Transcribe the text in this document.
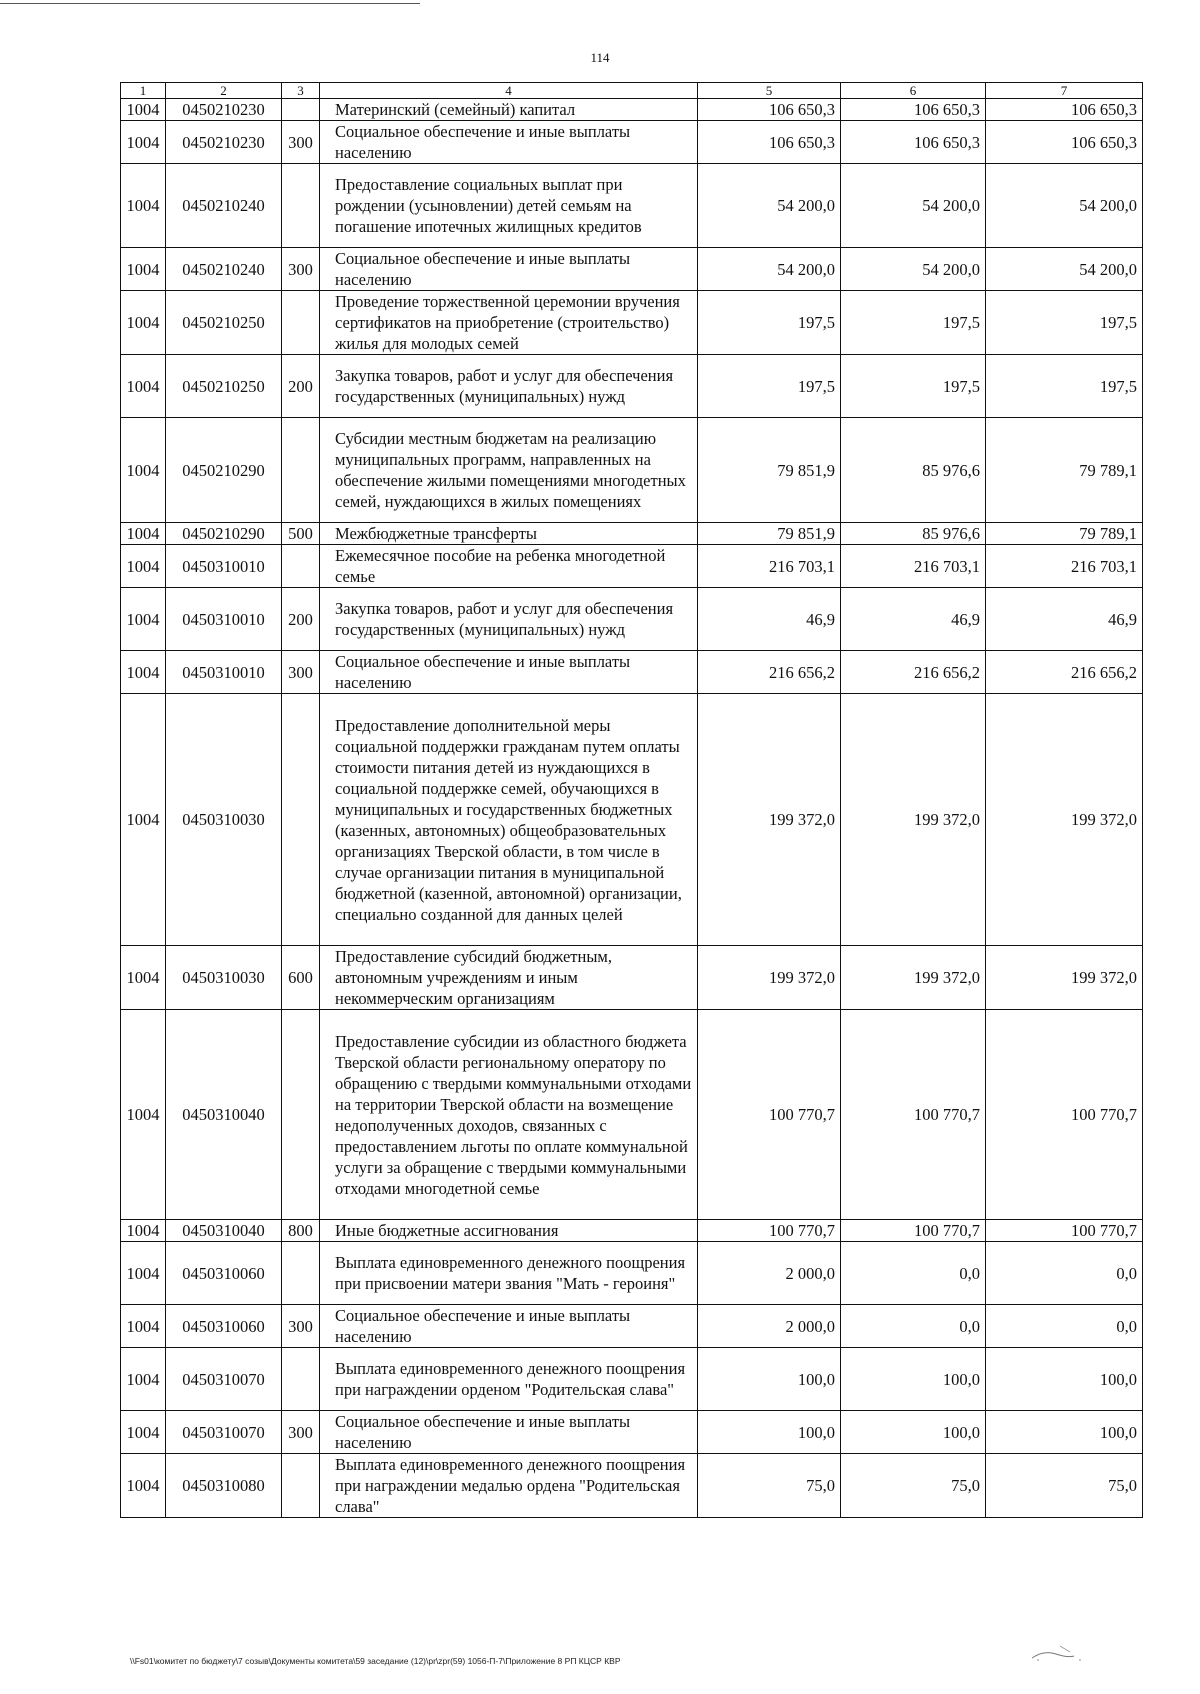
114
1	2	3	4	5	6	7
1004	0450210230		Материнский (семейный) капитал	106 650,3	106 650,3	106 650,3
1004	0450210230	300	Социальное обеспечение и иные выплаты населению	106 650,3	106 650,3	106 650,3
1004	0450210240		Предоставление социальных выплат при рождении (усыновлении) детей семьям на погашение ипотечных жилищных кредитов	54 200,0	54 200,0	54 200,0
1004	0450210240	300	Социальное обеспечение и иные выплаты населению	54 200,0	54 200,0	54 200,0
1004	0450210250		Проведение торжественной церемонии вручения сертификатов на приобретение (строительство) жилья для молодых семей	197,5	197,5	197,5
1004	0450210250	200	Закупка товаров, работ и услуг для обеспечения государственных (муниципальных) нужд	197,5	197,5	197,5
1004	0450210290		Субсидии местным бюджетам на реализацию муниципальных программ, направленных на обеспечение жилыми помещениями многодетных семей, нуждающихся в жилых помещениях	79 851,9	85 976,6	79 789,1
1004	0450210290	500	Межбюджетные трансферты	79 851,9	85 976,6	79 789,1
1004	0450310010		Ежемесячное пособие на ребенка многодетной семье	216 703,1	216 703,1	216 703,1
1004	0450310010	200	Закупка товаров, работ и услуг для обеспечения государственных (муниципальных) нужд	46,9	46,9	46,9
1004	0450310010	300	Социальное обеспечение и иные выплаты населению	216 656,2	216 656,2	216 656,2
1004	0450310030		Предоставление дополнительной меры социальной поддержки гражданам путем оплаты стоимости питания детей из нуждающихся в социальной поддержке семей, обучающихся в муниципальных и государственных бюджетных (казенных, автономных) общеобразовательных организациях Тверской области, в том числе в случае организации питания в муниципальной бюджетной (казенной, автономной) организации, специально созданной для данных целей	199 372,0	199 372,0	199 372,0
1004	0450310030	600	Предоставление субсидий бюджетным, автономным учреждениям и иным некоммерческим организациям	199 372,0	199 372,0	199 372,0
1004	0450310040		Предоставление субсидии из областного бюджета Тверской области региональному оператору по обращению с твердыми коммунальными отходами на территории Тверской области на возмещение недополученных доходов, связанных с предоставлением льготы по оплате коммунальной услуги за обращение с твердыми коммунальными отходами многодетной семье	100 770,7	100 770,7	100 770,7
1004	0450310040	800	Иные бюджетные ассигнования	100 770,7	100 770,7	100 770,7
1004	0450310060		Выплата единовременного денежного поощрения при присвоении матери звания "Мать - героиня"	2 000,0	0,0	0,0
1004	0450310060	300	Социальное обеспечение и иные выплаты населению	2 000,0	0,0	0,0
1004	0450310070		Выплата единовременного денежного поощрения при награждении орденом "Родительская слава"	100,0	100,0	100,0
1004	0450310070	300	Социальное обеспечение и иные выплаты населению	100,0	100,0	100,0
1004	0450310080		Выплата единовременного денежного поощрения при награждении медалью ордена "Родительская слава"	75,0	75,0	75,0
\\Fs01\комитет по бюджету\7 созыв\Документы комитета\59 заседание (12)\pr\zpr(59) 1056-П-7\Приложение 8 РП КЦСР КВР
